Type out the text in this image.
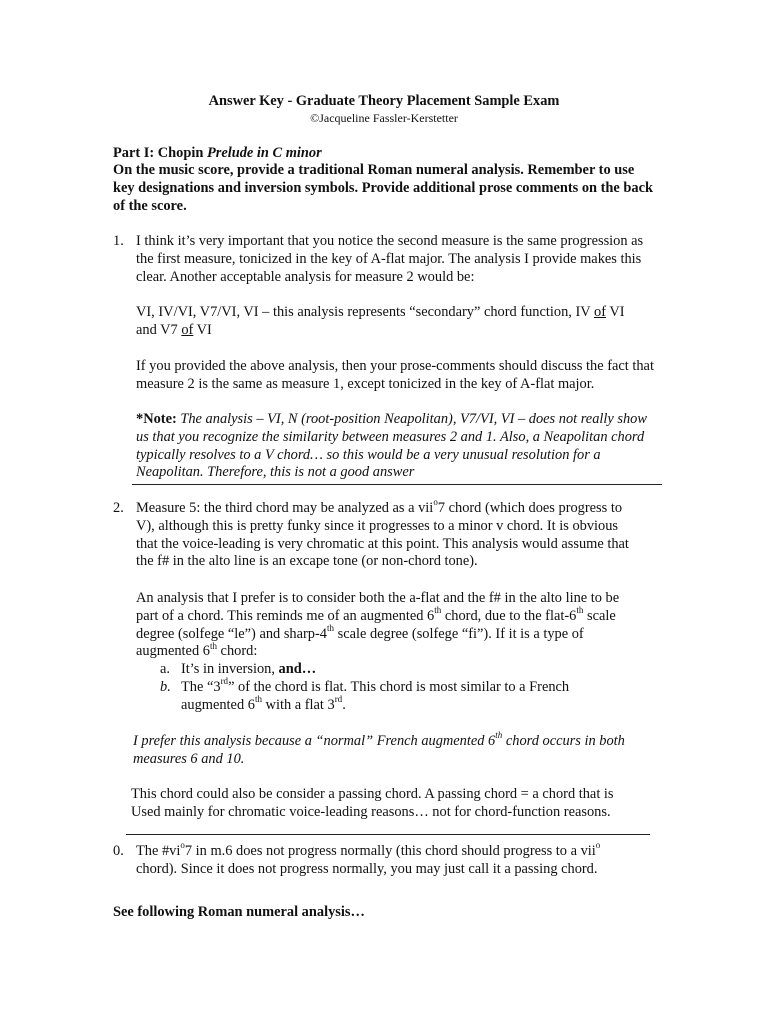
Answer Key - Graduate Theory Placement Sample Exam
©Jacqueline Fassler-Kerstetter
Part I: Chopin Prelude in C minor
On the music score, provide a traditional Roman numeral analysis. Remember to use key designations and inversion symbols. Provide additional prose comments on the back of the score.
1. I think it’s very important that you notice the second measure is the same progression as the first measure, tonicized in the key of A-flat major. The analysis I provide makes this clear. Another acceptable analysis for measure 2 would be:
VI, IV/VI, V7/VI, VI – this analysis represents “secondary” chord function, IV of VI
and V7 of VI
If you provided the above analysis, then your prose-comments should discuss the fact that measure 2 is the same as measure 1, except tonicized in the key of A-flat major.
*Note: The analysis – VI, N (root-position Neapolitan), V7/VI, VI – does not really show us that you recognize the similarity between measures 2 and 1. Also, a Neapolitan chord typically resolves to a V chord… so this would be a very unusual resolution for a Neapolitan. Therefore, this is not a good answer
2. Measure 5: the third chord may be analyzed as a vii$^o$7 chord (which does progress to
V), although this is pretty funky since it progresses to a minor v chord. It is obvious
that the voice-leading is very chromatic at this point. This analysis would assume that
the f# in the alto line is an excape tone (or non-chord tone).
An analysis that I prefer is to consider both the a-flat and the f# in the alto line to be
part of a chord. This reminds me of an augmented 6th chord, due to the flat-6th scale
degree (solfege “le”) and sharp-4th scale degree (solfege “fi”). If it is a type of
augmented 6th chord:
a. It’s in inversion, and…
b. The “3rd” of the chord is flat. This chord is most similar to a French
augmented 6th with a flat 3rd.
I prefer this analysis because a “normal” French augmented 6th chord occurs in both
measures 6 and 10.
This chord could also be consider a passing chord. A passing chord = a chord that is
Used mainly for chromatic voice-leading reasons… not for chord-function reasons.
0. The $\#vi^o7$ in m.6 does not progress normally (this chord should progress to a vii$^o$
chord). Since it does not progress normally, you may just call it a passing chord.
See following Roman numeral analysis…
